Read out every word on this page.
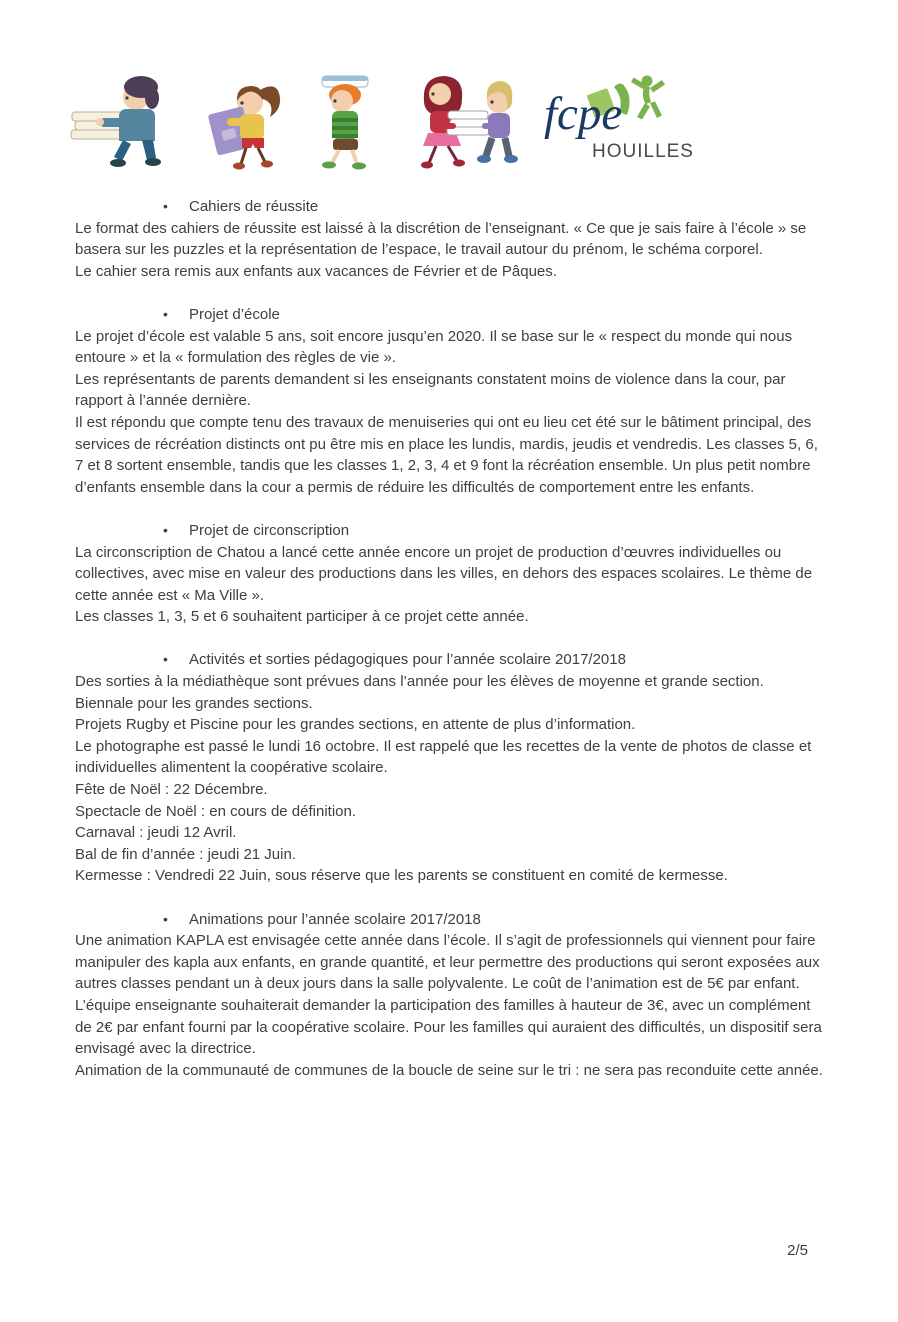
fcpe
HOUILLES
• Cahiers de réussite

Le format des cahiers de réussite est laissé à la discrétion de l’enseignant. « Ce que je sais faire à l’école » se basera sur les puzzles et la représentation de l’espace, le travail autour du prénom, le schéma corporel.

Le cahier sera remis aux enfants aux vacances de Février et de Pâques.

• Projet d’école

Le projet d’école est valable 5 ans, soit encore jusqu’en 2020. Il se base sur le « respect du monde qui nous entoure » et la « formulation des règles de vie ».

Les représentants de parents demandent si les enseignants constatent moins de violence dans la cour, par rapport à l’année dernière.

Il est répondu que compte tenu des travaux de menuiseries qui ont eu lieu cet été sur le bâtiment principal, des services de récréation distincts ont pu être mis en place les lundis, mardis, jeudis et vendredis. Les classes 5, 6, 7 et 8 sortent ensemble, tandis que les classes 1, 2, 3, 4 et 9 font la récréation ensemble. Un plus petit nombre d’enfants ensemble dans la cour a permis de réduire les difficultés de comportement entre les enfants.

• Projet de circonscription

La circonscription de Chatou a lancé cette année encore un projet de production d’œuvres individuelles ou collectives, avec mise en valeur des productions dans les villes, en dehors des espaces scolaires. Le thème de cette année est « Ma Ville ».

Les classes 1, 3, 5 et 6 souhaitent participer à ce projet cette année.

• Activités et sorties pédagogiques pour l’année scolaire 2017/2018

Des sorties à la médiathèque sont prévues dans l’année pour les élèves de moyenne et grande section.

Biennale pour les grandes sections.

Projets Rugby et Piscine pour les grandes sections, en attente de plus d’information.

Le photographe est passé le lundi 16 octobre. Il est rappelé que les recettes de la vente de photos de classe et individuelles alimentent la coopérative scolaire.

Fête de Noël : 22 Décembre.

Spectacle de Noël : en cours de définition.

Carnaval : jeudi 12 Avril.

Bal de fin d’année : jeudi 21 Juin.

Kermesse : Vendredi 22 Juin, sous réserve que les parents se constituent en comité de kermesse.

• Animations pour l’année scolaire 2017/2018

Une animation KAPLA est envisagée cette année dans l’école. Il s’agit de professionnels qui viennent pour faire manipuler des kapla aux enfants, en grande quantité, et leur permettre des productions qui seront exposées aux autres classes pendant un à deux jours dans la salle polyvalente. Le coût de l’animation est de 5€ par enfant. L’équipe enseignante souhaiterait demander la participation des familles à hauteur de 3€, avec un complément de 2€ par enfant fourni par la coopérative scolaire. Pour les familles qui auraient des difficultés, un dispositif sera envisagé avec la directrice.

Animation de la communauté de communes de la boucle de seine sur le tri : ne sera pas reconduite cette année.

2/5
